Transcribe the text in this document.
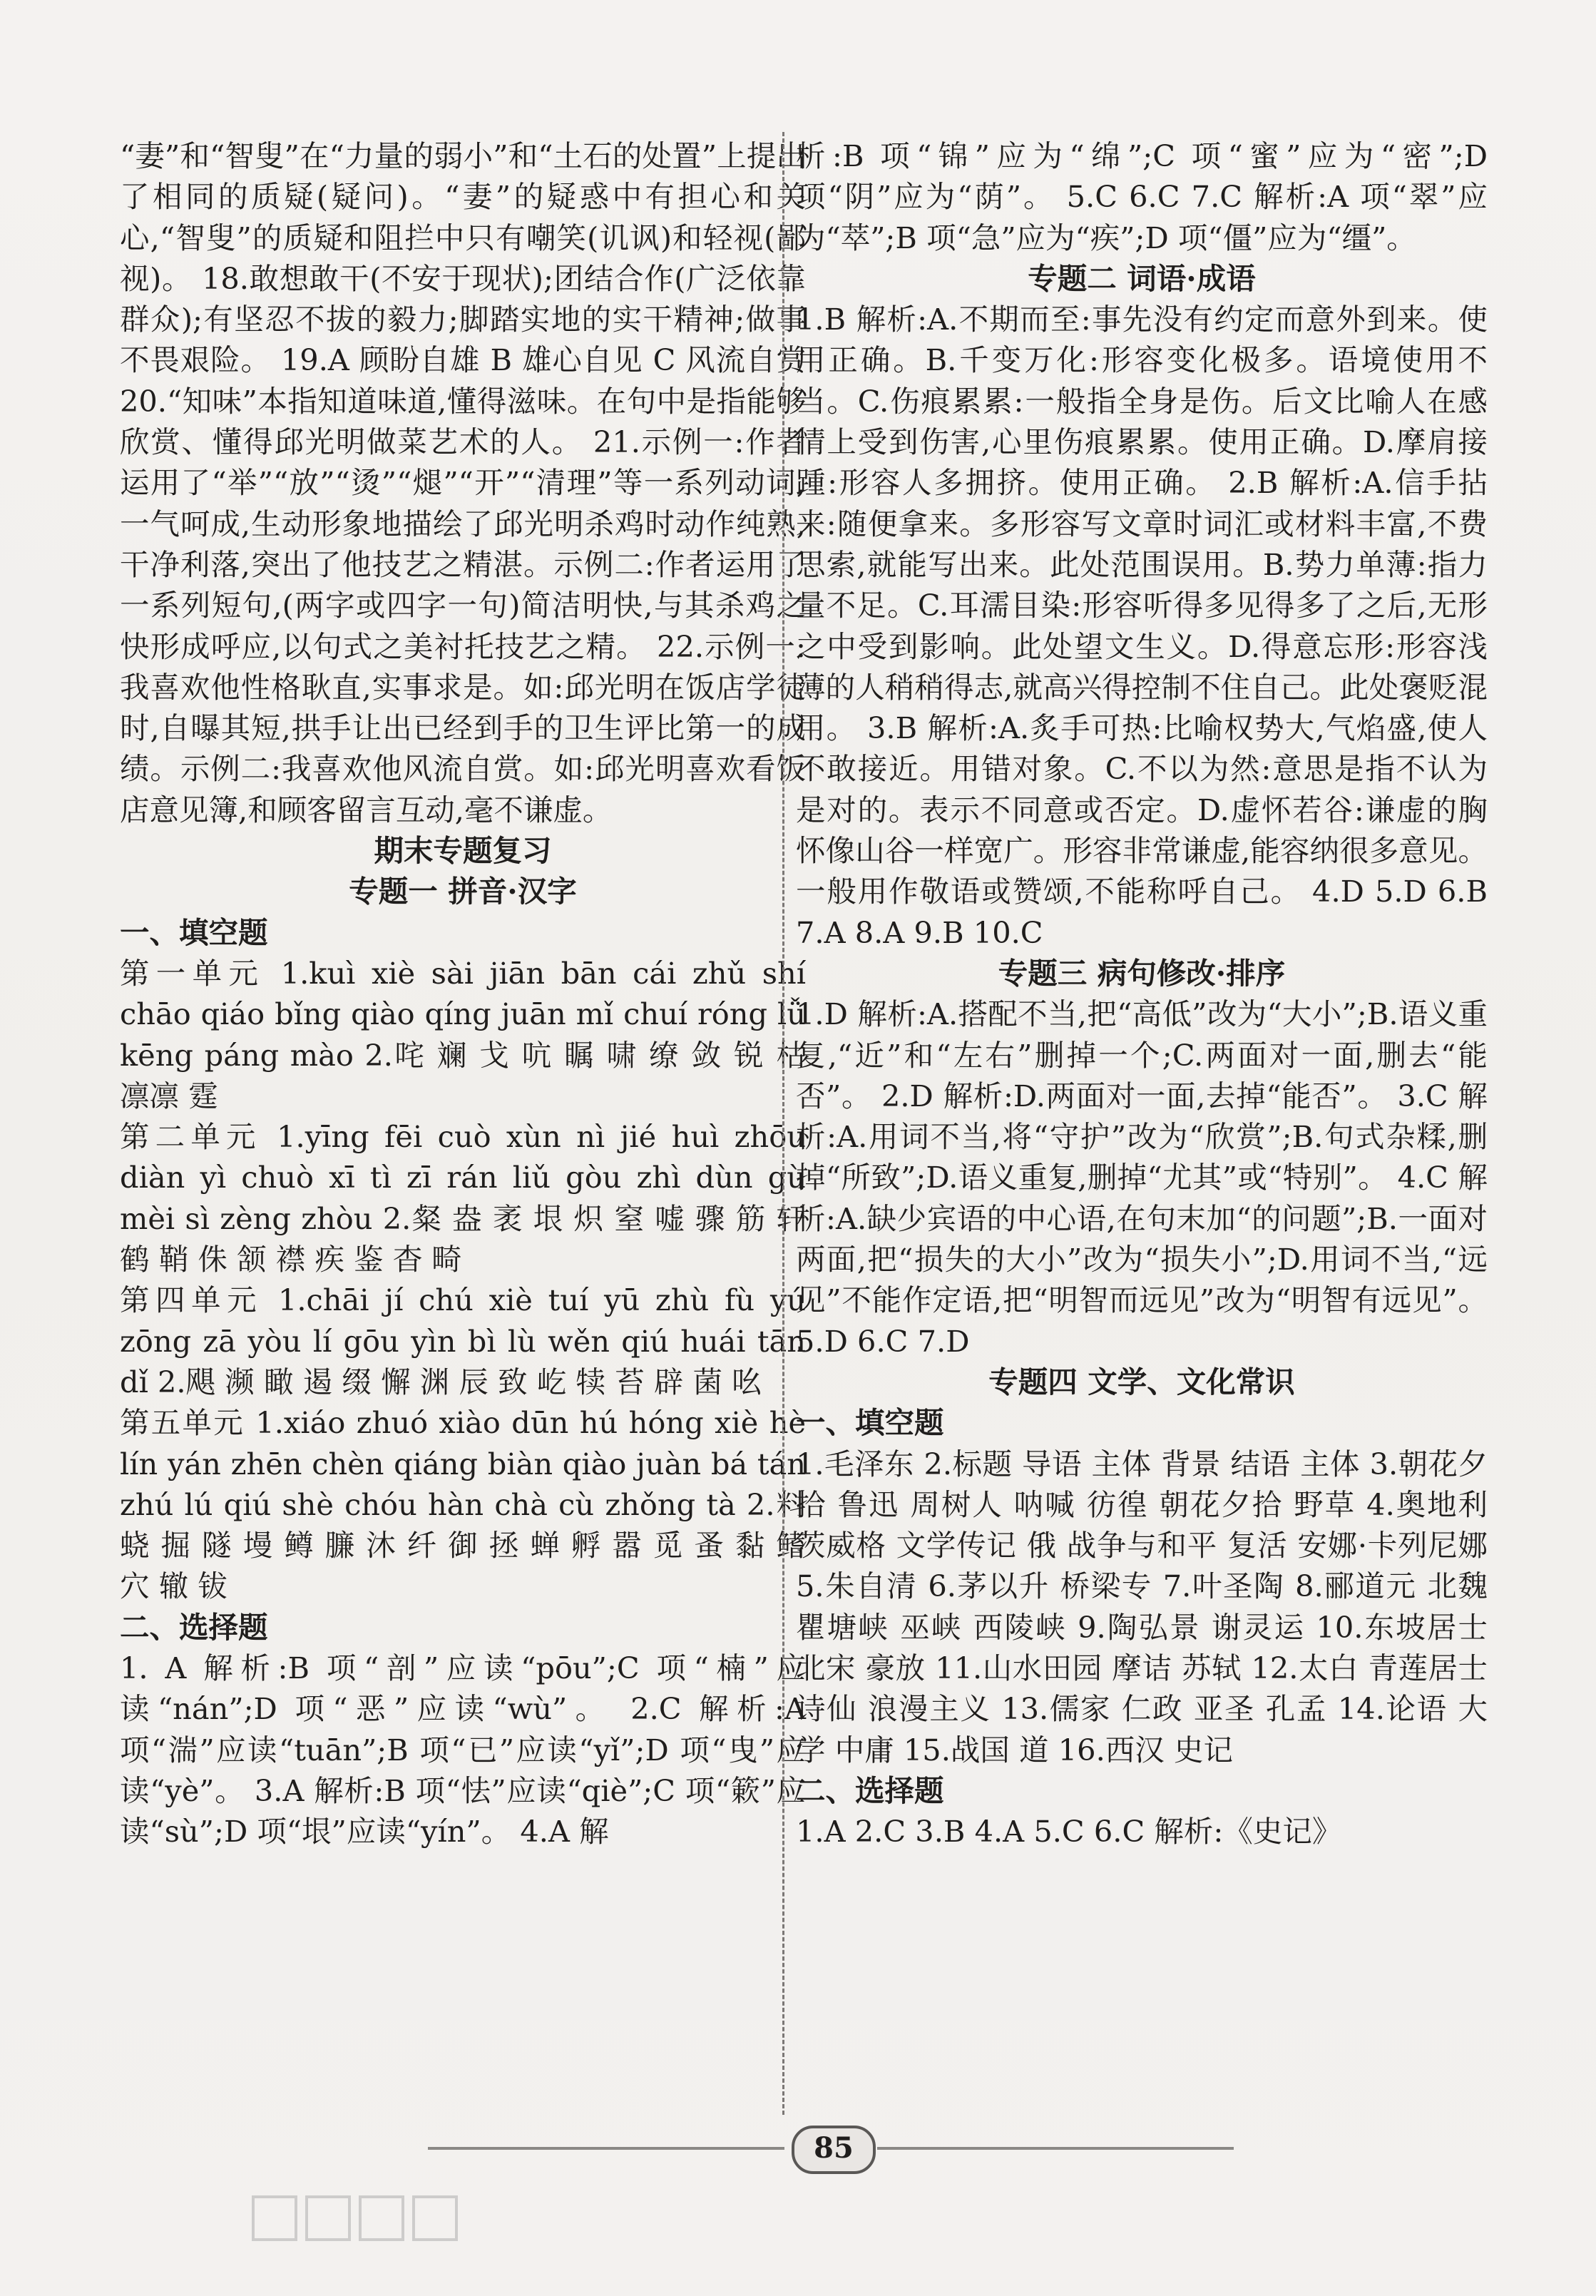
“妻”和“智叟”在“力量的弱小”和“土石的处置”上提出了相同的质疑(疑问)。“妻”的疑惑中有担心和关心,“智叟”的质疑和阻拦中只有嘲笑(讥讽)和轻视(鄙视)。 18.敢想敢干(不安于现状);团结合作(广泛依靠群众);有坚忍不拔的毅力;脚踏实地的实干精神;做事不畏艰险。 19.A 顾盼自雄 B 雄心自见 C 风流自赏 20.“知味”本指知道味道,懂得滋味。在句中是指能够欣赏、懂得邱光明做菜艺术的人。 21.示例一:作者运用了“举”“放”“烫”“煺”“开”“清理”等一系列动词,一气呵成,生动形象地描绘了邱光明杀鸡时动作纯熟,干净利落,突出了他技艺之精湛。示例二:作者运用了一系列短句,(两字或四字一句)简洁明快,与其杀鸡之快形成呼应,以句式之美衬托技艺之精。 22.示例一:我喜欢他性格耿直,实事求是。如:邱光明在饭店学徒时,自曝其短,拱手让出已经到手的卫生评比第一的成绩。示例二:我喜欢他风流自赏。如:邱光明喜欢看饭店意见簿,和顾客留言互动,毫不谦虚。

期末专题复习

专题一 拼音·汉字

一、填空题

第一单元 1.kuì xiè sài jiān bān cái zhǔ shí chāo qiáo bǐng qiào qíng juān mǐ chuí róng lǚ kēng páng mào 2.咤 斓 戈 吭 瞩 啸 缭 敛 锐 枯 凛凛 霆

第二单元 1.yīng fēi cuò xùn nì jié huì zhōu diàn yì chuò xī tì zī rán liǔ gòu zhì dùn gù mèi sì zèng zhòu 2.粲 盎 袤 垠 炽 窒 嘘 骤 筋 轩 鹤 鞘 侏 颔 襟 疾 鉴 杳 畸

第四单元 1.chāi jí chú xiè tuí yū zhù fù yú zōng zā yòu lí gōu yìn bì lù wěn qiú huái tān dǐ 2.飓 濒 瞰 遏 缀 懈 渊 辰 致 屹 犊 苔 辟 菌 吆

第五单元 1.xiáo zhuó xiào dūn hú hóng xiè hè lín yán zhēn chèn qiáng biàn qiào juàn bá tán zhú lú qiú shè chóu hàn chà cù zhǒng tà 2.料 蛲 掘 隧 墁 鳟 臁 沐 纤 御 拯 蝉 孵 嚣 觅 蚤 黏 鳍 穴 辙 钹

二、选择题

1. A 解析:B 项“剖”应读“pōu”;C 项“楠”应读“nán”;D 项“恶”应读“wù”。 2.C 解析:A 项“湍”应读“tuān”;B 项“已”应读“yǐ”;D 项“曳”应读“yè”。 3.A 解析:B 项“怯”应读“qiè”;C 项“簌”应读“sù”;D 项“垠”应读“yín”。 4.A 解

析:B 项“锦”应为“绵”;C 项“蜜”应为“密”;D 项“阴”应为“荫”。 5.C 6.C 7.C 解析:A 项“翠”应为“萃”;B 项“急”应为“疾”;D 项“僵”应为“缰”。

专题二 词语·成语

1.B 解析:A.不期而至:事先没有约定而意外到来。使用正确。B.千变万化:形容变化极多。语境使用不当。C.伤痕累累:一般指全身是伤。后文比喻人在感情上受到伤害,心里伤痕累累。使用正确。D.摩肩接踵:形容人多拥挤。使用正确。 2.B 解析:A.信手拈来:随便拿来。多形容写文章时词汇或材料丰富,不费思索,就能写出来。此处范围误用。B.势力单薄:指力量不足。C.耳濡目染:形容听得多见得多了之后,无形之中受到影响。此处望文生义。D.得意忘形:形容浅薄的人稍稍得志,就高兴得控制不住自己。此处褒贬混用。 3.B 解析:A.炙手可热:比喻权势大,气焰盛,使人不敢接近。用错对象。C.不以为然:意思是指不认为是对的。表示不同意或否定。D.虚怀若谷:谦虚的胸怀像山谷一样宽广。形容非常谦虚,能容纳很多意见。一般用作敬语或赞颂,不能称呼自己。 4.D 5.D 6.B 7.A 8.A 9.B 10.C

专题三 病句修改·排序

1.D 解析:A.搭配不当,把“高低”改为“大小”;B.语义重复,“近”和“左右”删掉一个;C.两面对一面,删去“能否”。 2.D 解析:D.两面对一面,去掉“能否”。 3.C 解析:A.用词不当,将“守护”改为“欣赏”;B.句式杂糅,删掉“所致”;D.语义重复,删掉“尤其”或“特别”。 4.C 解析:A.缺少宾语的中心语,在句末加“的问题”;B.一面对两面,把“损失的大小”改为“损失小”;D.用词不当,“远见”不能作定语,把“明智而远见”改为“明智有远见”。 5.D 6.C 7.D

专题四 文学、文化常识

一、填空题

1.毛泽东 2.标题 导语 主体 背景 结语 主体 3.朝花夕拾 鲁迅 周树人 呐喊 彷徨 朝花夕拾 野草 4.奥地利 茨威格 文学传记 俄 战争与和平 复活 安娜·卡列尼娜 5.朱自清 6.茅以升 桥梁专 7.叶圣陶 8.郦道元 北魏 瞿塘峡 巫峡 西陵峡 9.陶弘景 谢灵运 10.东坡居士 北宋 豪放 11.山水田园 摩诘 苏轼 12.太白 青莲居士 诗仙 浪漫主义 13.儒家 仁政 亚圣 孔孟 14.论语 大学 中庸 15.战国 道 16.西汉 史记

二、选择题

1.A 2.C 3.B 4.A 5.C 6.C 解析:《史记》

85
